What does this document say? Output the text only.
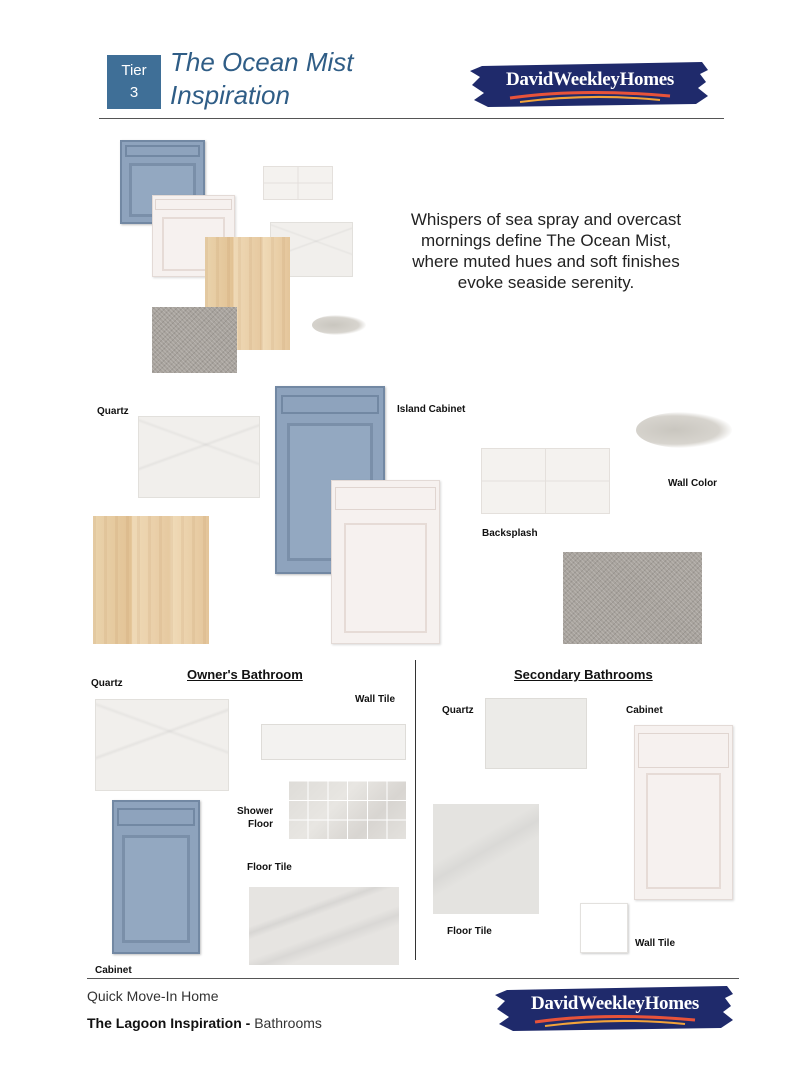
Tier
3
The Ocean Mist
Inspiration
DavidWeekleyHomes
Whispers of sea spray and overcast mornings define The Ocean Mist, where muted hues and soft finishes evoke seaside serenity.
Quartz	Island Cabinet
Wall Color
Backsplash
Owner's Bathroom
Quartz
Wall Tile
Shower
Floor
Cabinet
Floor Tile
Secondary Bathrooms
Quartz	Cabinet
Floor Tile
Wall Tile
Quick Move-In Home
The Lagoon Inspiration - Bathrooms
DavidWeekleyHomes
